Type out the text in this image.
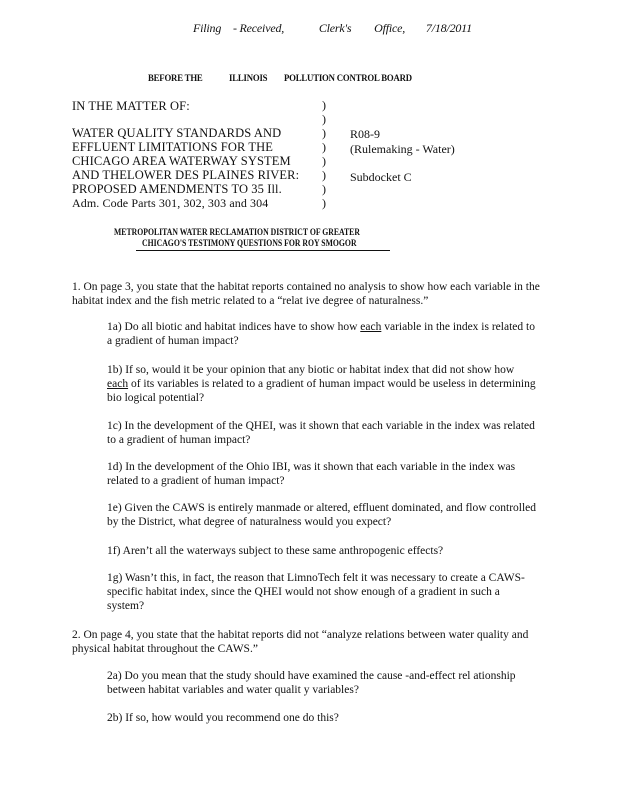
Filing - Received,	Clerk's Office, 7/18/2011
BEFORE THE	ILLINOIS POLLUTION CONTROL BOARD
IN THE MATTER OF:
WATER QUALITY STANDARDS AND
EFFLUENT LIMITATIONS FOR THE
CHICAGO AREA WATERWAY SYSTEM
AND THELOWER DES PLAINES RIVER:
PROPOSED AMENDMENTS TO 35 Ill.
Adm. Code Parts 301, 302, 303 and 304
)
)
)
)
)
)
)
)
R08-9
(Rulemaking - Water)
Subdocket C
METROPOLITAN WATER RECLAMATION DISTRICT OF GREATER
CHICAGO'S TESTIMONY QUESTIONS FOR ROY SMOGOR
1. On page 3, you state that the habitat reports contained no analysis to show how each variable in the habitat index and the fish metric related to a “relat ive degree of naturalness.”
1a) Do all biotic and habitat indices have to show how each variable in the index is related to a gradient of human impact?
1b) If so, would it be your opinion that any biotic or habitat index that did not show how each of its variables is related to a gradient of human impact would be useless in determining bio logical potential?
1c) In the development of the QHEI, was it shown that each variable in the index was related to a gradient of human impact?
1d) In the development of the Ohio IBI, was it shown that each variable in the index was related to a gradient of human impact?
1e) Given the CAWS is entirely manmade or altered, effluent dominated, and flow controlled by the District, what degree of naturalness would you expect?
1f) Aren’t all the waterways subject to these same anthropogenic effects?
1g) Wasn’t this, in fact, the reason that LimnoTech felt it was necessary to create a CAWS-specific habitat index, since the QHEI would not show enough of a gradient in such a system?
2. On page 4, you state that the habitat reports did not “analyze relations between water quality and physical habitat throughout the CAWS.”
2a) Do you mean that the study should have examined the cause -and-effect rel ationship between habitat variables and water qualit y variables?
2b) If so, how would you recommend one do this?
